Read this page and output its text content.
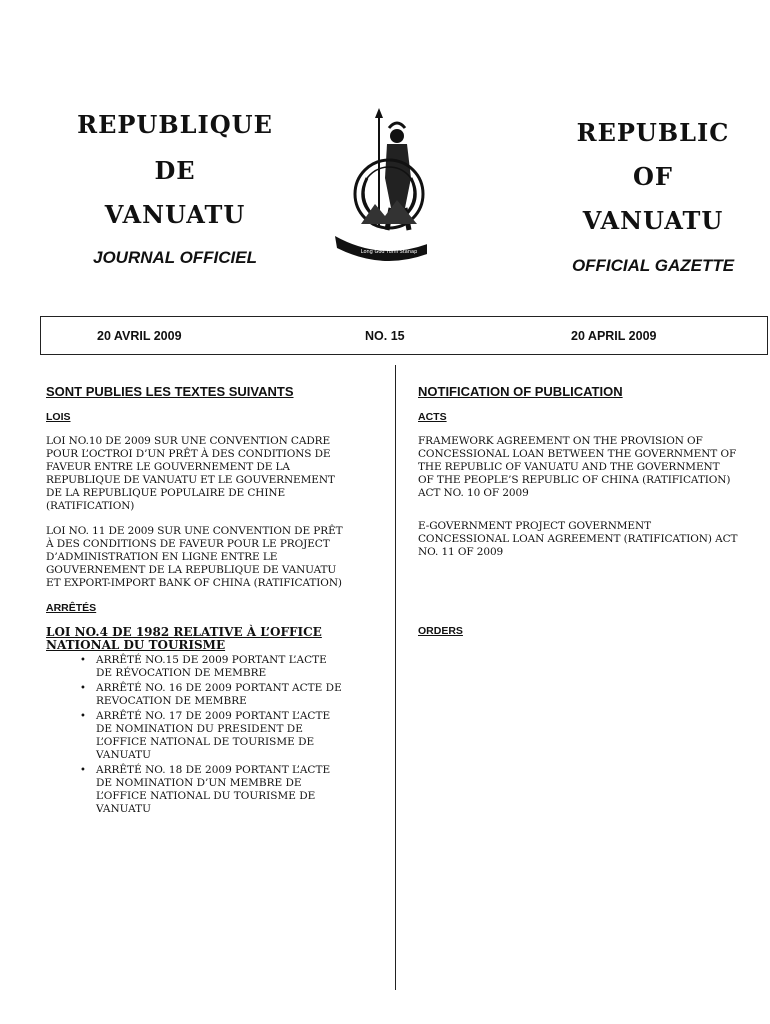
REPUBLIQUE
DE
VANUATU
JOURNAL OFFICIEL
REPUBLIC
OF
VANUATU
OFFICIAL GAZETTE
Long God Yumi Stanap
20 AVRIL 2009	NO. 15	20 APRIL 2009
SONT PUBLIES LES TEXTES SUIVANTS
LOIS
LOI NO.10 DE 2009 SUR UNE CONVENTION CADRE POUR L’OCTROI D’UN PRÊT À DES CONDITIONS DE FAVEUR ENTRE LE GOUVERNEMENT DE LA REPUBLIQUE DE VANUATU ET LE GOUVERNEMENT DE LA REPUBLIQUE POPULAIRE DE CHINE (RATIFICATION)
LOI NO. 11 DE 2009 SUR UNE CONVENTION DE PRÊT À DES CONDITIONS DE FAVEUR POUR LE PROJECT D’ADMINISTRATION EN LIGNE ENTRE LE GOUVERNEMENT DE LA REPUBLIQUE DE VANUATU ET EXPORT-IMPORT BANK OF CHINA (RATIFICATION)
ARRÊTÉS
LOI NO.4 DE 1982 RELATIVE À L’OFFICE NATIONAL DU TOURISME
• ARRÊTÉ NO.15 DE 2009 PORTANT L’ACTE DE RÉVOCATION DE MEMBRE
• ARRÊTÉ NO. 16 DE 2009 PORTANT ACTE DE REVOCATION DE MEMBRE
• ARRÊTÉ NO. 17 DE 2009 PORTANT L’ACTE DE NOMINATION DU PRESIDENT DE L’OFFICE NATIONAL DE TOURISME DE VANUATU
• ARRÊTÉ NO. 18 DE 2009 PORTANT L’ACTE DE NOMINATION D’UN MEMBRE DE L’OFFICE NATIONAL DU TOURISME DE VANUATU
NOTIFICATION OF PUBLICATION
ACTS
FRAMEWORK AGREEMENT ON THE PROVISION OF CONCESSIONAL LOAN BETWEEN THE GOVERNMENT OF THE REPUBLIC OF VANUATU AND THE GOVERNMENT OF THE PEOPLE’S REPUBLIC OF CHINA (RATIFICATION) ACT NO. 10 OF 2009
E-GOVERNMENT PROJECT GOVERNMENT CONCESSIONAL LOAN AGREEMENT (RATIFICATION) ACT NO. 11 OF 2009
ORDERS
